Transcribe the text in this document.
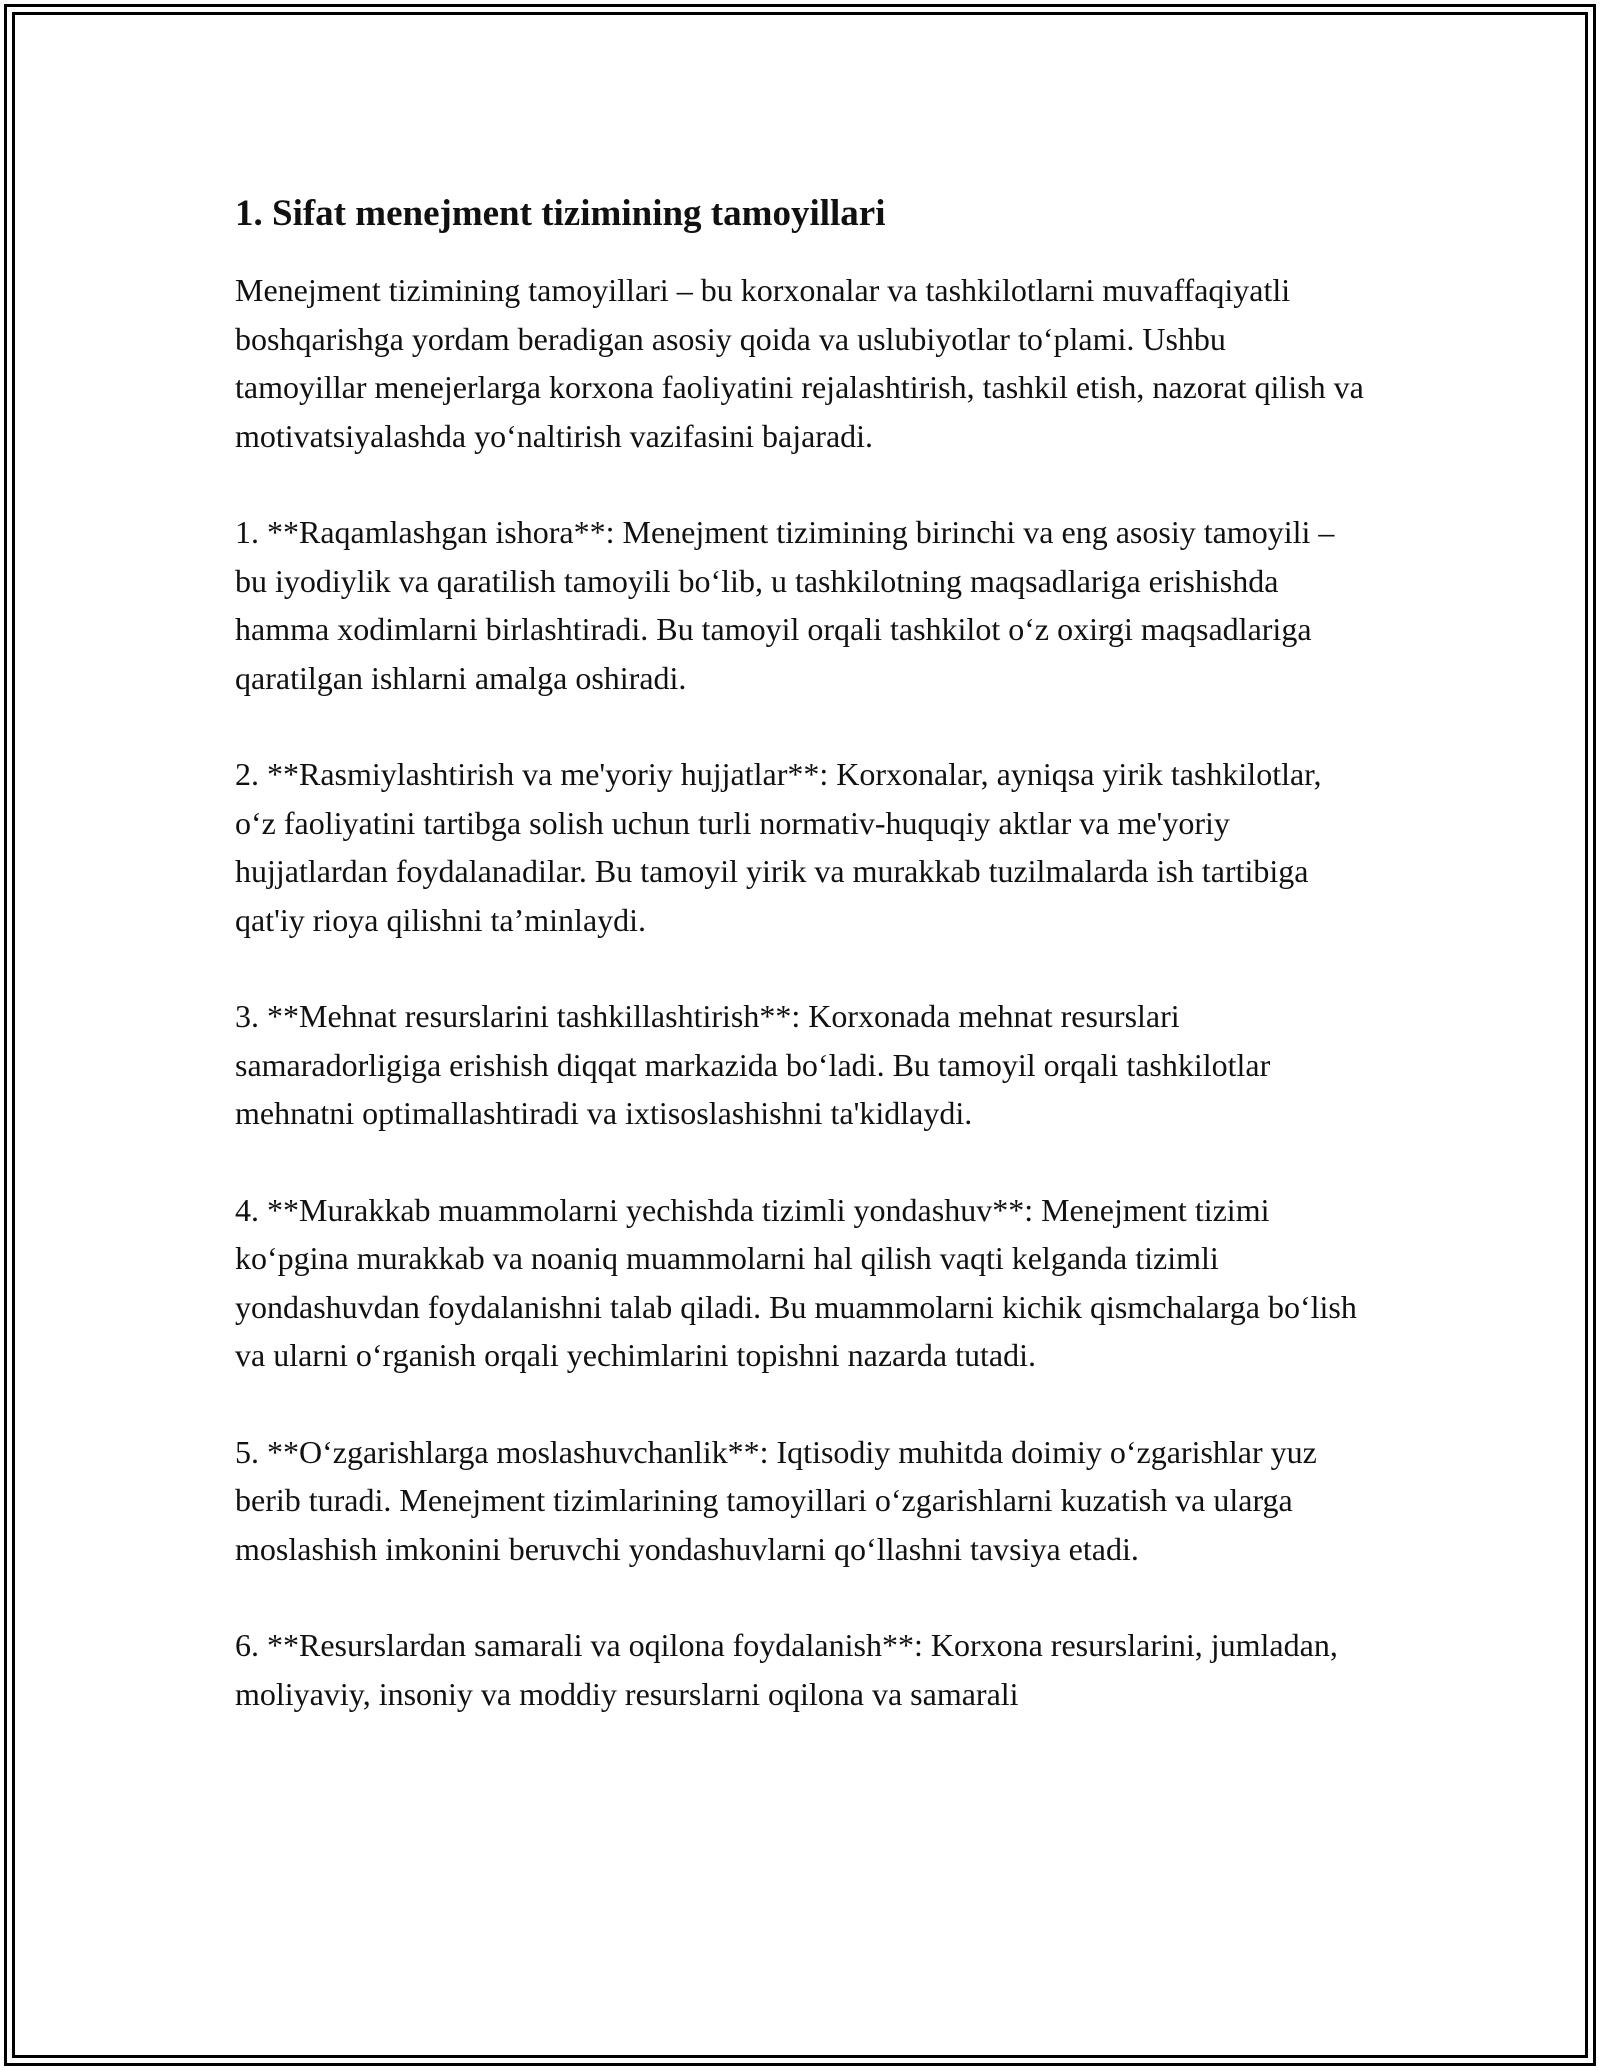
1. Sifat menejment tizimining tamoyillari

Menejment tizimining tamoyillari – bu korxonalar va tashkilotlarni muvaffaqiyatli boshqarishga yordam beradigan asosiy qoida va uslubiyotlar to‘plami. Ushbu tamoyillar menejerlarga korxona faoliyatini rejalashtirish, tashkil etish, nazorat qilish va motivatsiyalashda yo‘naltirish vazifasini bajaradi.

1. **Raqamlashgan ishora**: Menejment tizimining birinchi va eng asosiy tamoyili – bu iyodiylik va qaratilish tamoyili bo‘lib, u tashkilotning maqsadlariga erishishda hamma xodimlarni birlashtiradi. Bu tamoyil orqali tashkilot o‘z oxirgi maqsadlariga qaratilgan ishlarni amalga oshiradi.

2. **Rasmiylashtirish va me'yoriy hujjatlar**: Korxonalar, ayniqsa yirik tashkilotlar, o‘z faoliyatini tartibga solish uchun turli normativ-huquqiy aktlar va me'yoriy hujjatlardan foydalanadilar. Bu tamoyil yirik va murakkab tuzilmalarda ish tartibiga qat'iy rioya qilishni ta’minlaydi.

3. **Mehnat resurslarini tashkillashtirish**: Korxonada mehnat resurslari samaradorligiga erishish diqqat markazida bo‘ladi. Bu tamoyil orqali tashkilotlar mehnatni optimallashtiradi va ixtisoslashishni ta'kidlaydi.

4. **Murakkab muammolarni yechishda tizimli yondashuv**: Menejment tizimi ko‘pgina murakkab va noaniq muammolarni hal qilish vaqti kelganda tizimli yondashuvdan foydalanishni talab qiladi. Bu muammolarni kichik qismchalarga bo‘lish va ularni o‘rganish orqali yechimlarini topishni nazarda tutadi.

5. **O‘zgarishlarga moslashuvchanlik**: Iqtisodiy muhitda doimiy o‘zgarishlar yuz berib turadi. Menejment tizimlarining tamoyillari o‘zgarishlarni kuzatish va ularga moslashish imkonini beruvchi yondashuvlarni qo‘llashni tavsiya etadi.

6. **Resurslardan samarali va oqilona foydalanish**: Korxona resurslarini, jumladan, moliyaviy, insoniy va moddiy resurslarni oqilona va samarali
